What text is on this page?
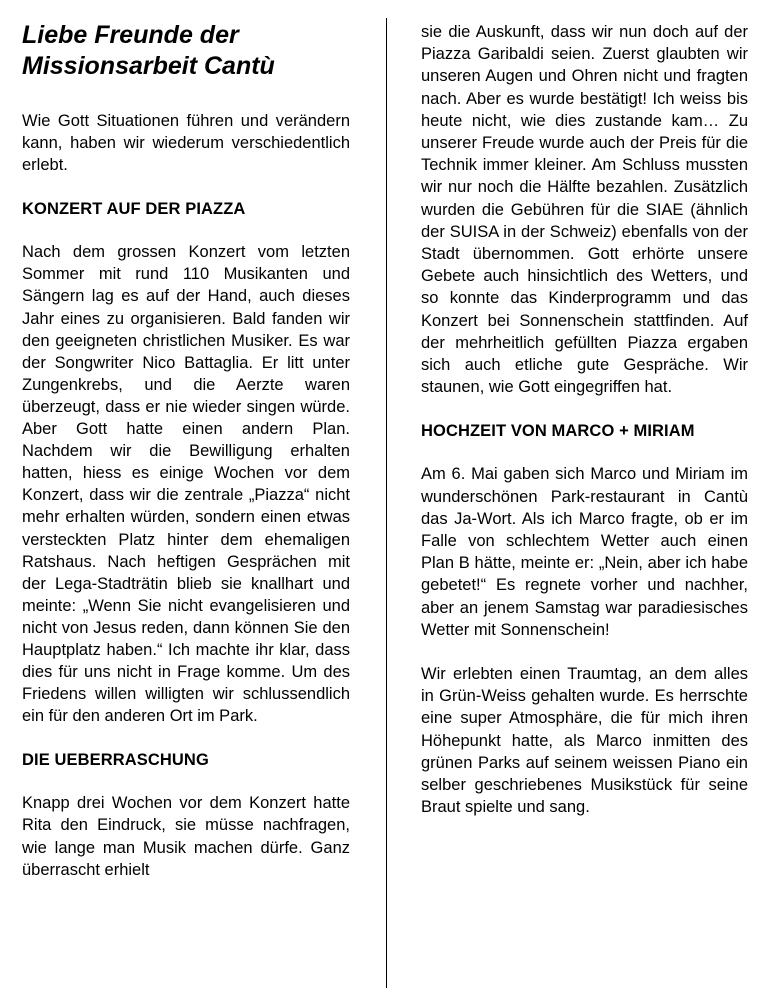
Liebe Freunde der
Missionsarbeit Cantù

Wie Gott Situationen führen und verändern kann, haben wir wiederum verschiedentlich erlebt.

KONZERT AUF DER PIAZZA

Nach dem grossen Konzert vom letzten Sommer mit rund 110 Musikanten und Sängern lag es auf der Hand, auch dieses Jahr eines zu organisieren. Bald fanden wir den geeigneten christlichen Musiker. Es war der Songwriter Nico Battaglia. Er litt unter Zungenkrebs, und die Aerzte waren überzeugt, dass er nie wieder singen würde. Aber Gott hatte einen andern Plan. Nachdem wir die Bewilligung erhalten hatten, hiess es einige Wochen vor dem Konzert, dass wir die zentrale „Piazza“ nicht mehr erhalten würden, sondern einen etwas versteckten Platz hinter dem ehemaligen Ratshaus. Nach heftigen Gesprächen mit der Lega-Stadträtin blieb sie knallhart und meinte: „Wenn Sie nicht evangelisieren und nicht von Jesus reden, dann können Sie den Hauptplatz haben.“ Ich machte ihr klar, dass dies für uns nicht in Frage komme. Um des Friedens willen willigten wir schlussendlich ein für den anderen Ort im Park.

DIE UEBERRASCHUNG

Knapp drei Wochen vor dem Konzert hatte Rita den Eindruck, sie müsse nachfragen, wie lange man Musik machen dürfe. Ganz überrascht erhielt

sie die Auskunft, dass wir nun doch auf der Piazza Garibaldi seien. Zuerst glaubten wir unseren Augen und Ohren nicht und fragten nach. Aber es wurde bestätigt! Ich weiss bis heute nicht, wie dies zustande kam… Zu unserer Freude wurde auch der Preis für die Technik immer kleiner. Am Schluss mussten wir nur noch die Hälfte bezahlen. Zusätzlich wurden die Gebühren für die SIAE (ähnlich der SUISA in der Schweiz) ebenfalls von der Stadt übernommen. Gott erhörte unsere Gebete auch hinsichtlich des Wetters, und so konnte das Kinderprogramm und das Konzert bei Sonnenschein stattfinden. Auf der mehrheitlich gefüllten Piazza ergaben sich auch etliche gute Gespräche. Wir staunen, wie Gott eingegriffen hat.

HOCHZEIT VON MARCO + MIRIAM

Am 6. Mai gaben sich Marco und Miriam im wunderschönen Park-restaurant in Cantù das Ja-Wort. Als ich Marco fragte, ob er im Falle von schlechtem Wetter auch einen Plan B hätte, meinte er: „Nein, aber ich habe gebetet!“ Es regnete vorher und nachher, aber an jenem Samstag war paradiesisches Wetter mit Sonnenschein!

Wir erlebten einen Traumtag, an dem alles in Grün-Weiss gehalten wurde. Es herrschte eine super Atmosphäre, die für mich ihren Höhepunkt hatte, als Marco inmitten des grünen Parks auf seinem weissen Piano ein selber geschriebenes Musikstück für seine Braut spielte und sang.
